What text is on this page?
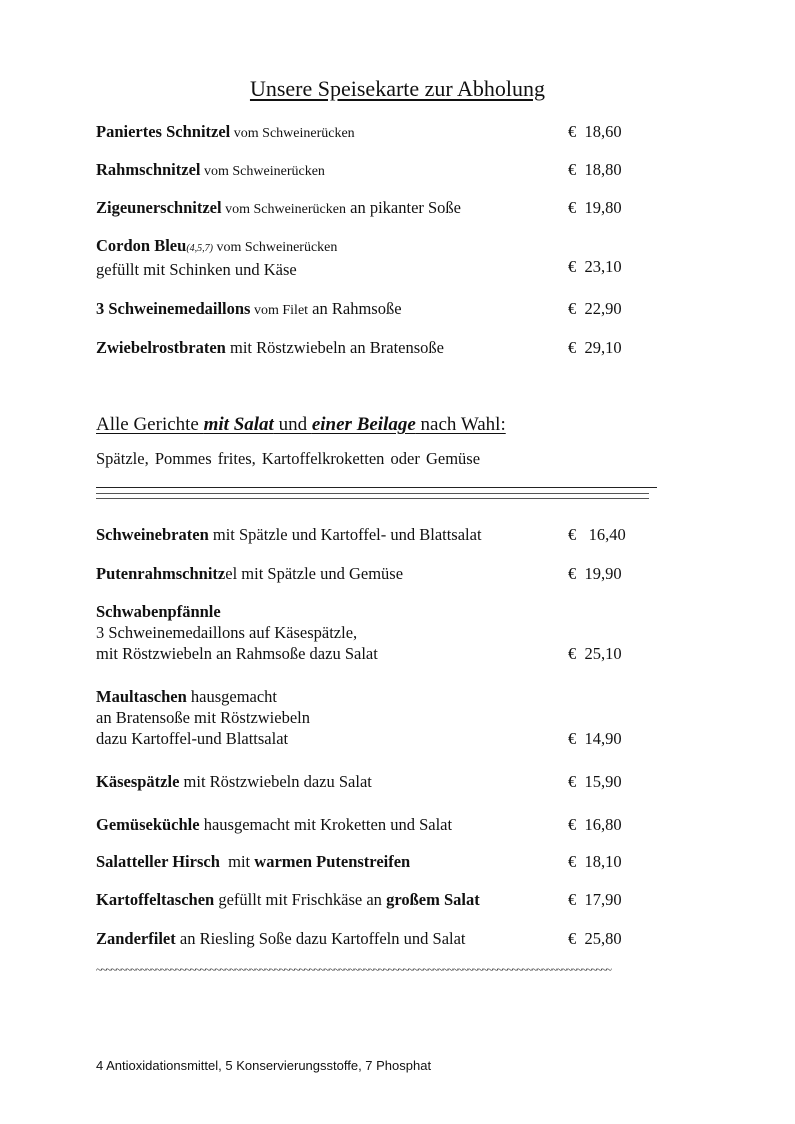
Unsere Speisekarte zur Abholung
Paniertes Schnitzel vom Schweinerücken	€ 18,60
Rahmschnitzel vom Schweinerücken	€ 18,80
Zigeunerschnitzel vom Schweinerücken an pikanter Soße	€ 19,80
Cordon Bleu(4,5,7) vom Schweinerücken
gefüllt mit Schinken und Käse	€ 23,10
3 Schweinemedaillons vom Filet an Rahmsoße	€ 22,90
Zwiebelrostbraten mit Röstzwiebeln an Bratensoße	€ 29,10
Alle Gerichte mit Salat und einer Beilage nach Wahl:
Spätzle, Pommes frites, Kartoffelkroketten oder Gemüse
Schweinebraten mit Spätzle und Kartoffel- und Blattsalat	€   16,40
Putenrahmschnitzel mit Spätzle und Gemüse	€ 19,90
Schwabenpfännle
3 Schweinemedaillons auf Käsespätzle,
mit Röstzwiebeln an Rahmsoße dazu Salat	€ 25,10
Maultaschen hausgemacht
an Bratensoße mit Röstzwiebeln
dazu Kartoffel-und Blattsalat	€ 14,90
Käsespätzle mit Röstzwiebeln dazu Salat	€ 15,90
Gemüseküchle hausgemacht mit Kroketten und Salat	€ 16,80
Salatteller Hirsch  mit warmen Putenstreifen	€ 18,10
Kartoffeltaschen gefüllt mit Frischkäse an großem Salat	€ 17,90
Zanderfilet an Riesling Soße dazu Kartoffeln und Salat	€ 25,80
~~~~~~~~~~~~~~~~~~~~~~~~~~~~~~~~~~~~~~~~~~~~~~~~~~~~~~~~~~~~~~~~~~~~~~~~~~~~~~~~~~~~~~~~~~~~~~~~~~~~~~~~
4 Antioxidationsmittel, 5 Konservierungsstoffe, 7 Phosphat
